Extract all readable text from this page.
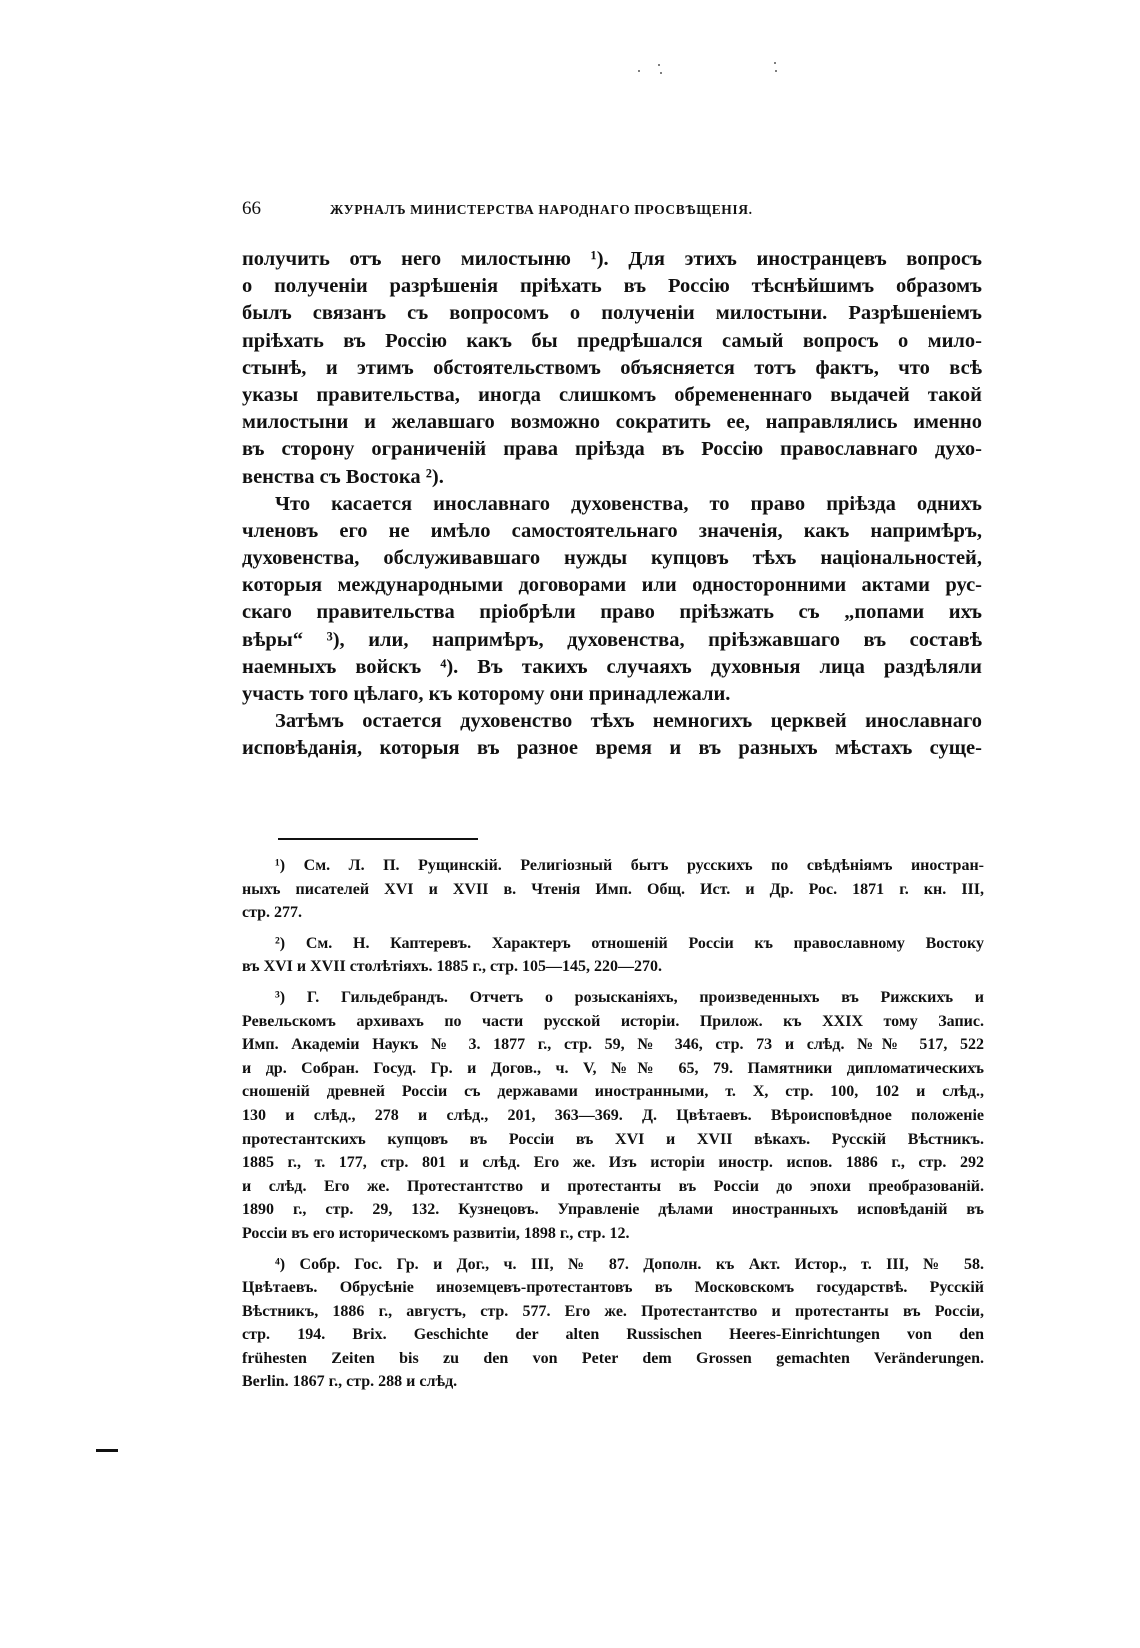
66	ЖУРНАЛЪ МИНИСТЕРСТВА НАРОДНАГО ПРОСВѢЩЕНІЯ.
получить отъ него милостыню ¹). Для этихъ иностранцевъ вопросъ
о полученіи разрѣшенія пріѣхать въ Россію тѣснѣйшимъ образомъ
былъ связанъ съ вопросомъ о полученіи милостыни. Разрѣшеніемъ
пріѣхать въ Россію какъ бы предрѣшался самый вопросъ о мило-
стынѣ, и этимъ обстоятельствомъ объясняется тотъ фактъ, что всѣ
указы правительства, иногда слишкомъ обремененнаго выдачей такой
милостыни и желавшаго возможно сократить ее, направлялись именно
въ сторону ограниченій права пріѣзда въ Россію православнаго духо-
венства съ Востока ²).
Что касается инославнаго духовенства, то право пріѣзда однихъ
членовъ его не имѣло самостоятельнаго значенія, какъ напримѣръ,
духовенства, обслуживавшаго нужды купцовъ тѣхъ національностей,
которыя международными договорами или односторонними актами рус-
скаго правительства пріобрѣли право пріѣзжать съ „попами ихъ
вѣры“ ³), или, напримѣръ, духовенства, пріѣзжавшаго въ составѣ
наемныхъ войскъ ⁴). Въ такихъ случаяхъ духовныя лица раздѣляли
участь того цѣлаго, къ которому они принадлежали.
Затѣмъ остается духовенство тѣхъ немногихъ церквей инославнаго
исповѣданія, которыя въ разное время и въ разныхъ мѣстахъ суще-
¹) См. Л. П. Рущинскій. Религіозный бытъ русскихъ по свѣдѣніямъ иностран-
ныхъ писателей XVI и XVII в. Чтенія Имп. Общ. Ист. и Др. Рос. 1871 г. кн. III,
стр. 277.
²) См. Н. Каптеревъ. Характеръ отношеній Россіи къ православному Востоку
въ XVI и XVII столѣтіяхъ. 1885 г., стр. 105—145, 220—270.
³) Г. Гильдебрандъ. Отчетъ о розысканіяхъ, произведенныхъ въ Рижскихъ и
Ревельскомъ архивахъ по части русской исторіи. Прилож. къ XXIX тому Запис.
Имп. Академіи Наукъ № 3. 1877 г., стр. 59, № 346, стр. 73 и слѣд. №№ 517, 522
и др. Собран. Госуд. Гр. и Догов., ч. V, №№ 65, 79. Памятники дипломатическихъ
сношеній древней Россіи съ державами иностранными, т. X, стр. 100, 102 и слѣд.,
130 и слѣд., 278 и слѣд., 201, 363—369. Д. Цвѣтаевъ. Вѣроисповѣдное положеніе
протестантскихъ купцовъ въ Россіи въ XVI и XVII вѣкахъ. Русскій Вѣстникъ.
1885 г., т. 177, стр. 801 и слѣд. Его же. Изъ исторіи иностр. испов. 1886 г., стр. 292
и слѣд. Его же. Протестантство и протестанты въ Россіи до эпохи преобразованій.
1890 г., стр. 29, 132. Кузнецовъ. Управленіе дѣлами иностранныхъ исповѣданій въ
Россіи въ его историческомъ развитіи, 1898 г., стр. 12.
⁴) Собр. Гос. Гр. и Дог., ч. III, № 87. Дополн. къ Акт. Истор., т. III, № 58.
Цвѣтаевъ. Обрусѣніе иноземцевъ-протестантовъ въ Московскомъ государствѣ. Русскій
Вѣстникъ, 1886 г., августъ, стр. 577. Его же. Протестантство и протестанты въ Россіи,
стр. 194. Brix. Geschichte der alten Russischen Heeres-Einrichtungen von den
frühesten Zeiten bis zu den von Peter dem Grossen gemachten Veränderungen.
Berlin. 1867 г., стр. 288 и слѣд.
